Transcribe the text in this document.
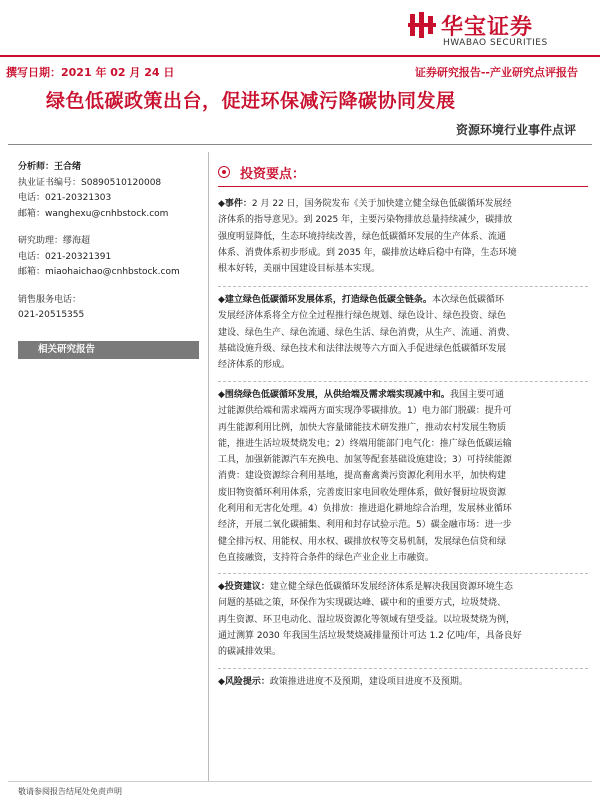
华宝证券
HWABAO SECURITIES
撰写日期：2021 年 02 月 24 日	证券研究报告--产业研究点评报告
绿色低碳政策出台，促进环保减污降碳协同发展
资源环境行业事件点评
分析师：王合绪
执业证书编号：S0890510120008
电话：021-20321303
邮箱：wanghexu@cnhbstock.com
研究助理：缪海超
电话：021-20321391
邮箱：miaohaichao@cnhbstock.com
销售服务电话：
021-20515355
相关研究报告
投资要点：
◆事件：2 月 22 日，国务院发布《关于加快建立健全绿色低碳循环发展经
济体系的指导意见》。到 2025 年，主要污染物排放总量持续减少，碳排放
强度明显降低，生态环境持续改善，绿色低碳循环发展的生产体系、流通
体系、消费体系初步形成。到 2035 年，碳排放达峰后稳中有降，生态环境
根本好转，美丽中国建设目标基本实现。
◆建立绿色低碳循环发展体系，打造绿色低碳全链条。本次绿色低碳循环
发展经济体系将全方位全过程推行绿色规划、绿色设计、绿色投资、绿色
建设、绿色生产、绿色流通、绿色生活、绿色消费，从生产、流通、消费、
基础设施升级、绿色技术和法律法规等六方面入手促进绿色低碳循环发展
经济体系的形成。
◆围绕绿色低碳循环发展，从供给端及需求端实现减中和。我国主要可通
过能源供给端和需求端两方面实现净零碳排放。1）电力部门脱碳：提升可
再生能源利用比例，加快大容量储能技术研发推广，推动农村发展生物质
能，推进生活垃圾焚烧发电；2）终端用能部门电气化：推广绿色低碳运输
工具，加强新能源汽车充换电、加氢等配套基础设施建设；3）可持续能源
消费：建设资源综合利用基地，提高畜禽粪污资源化利用水平，加快构建
废旧物资循环利用体系，完善废旧家电回收处理体系，做好餐厨垃圾资源
化利用和无害化处理。4）负排放：推进退化耕地综合治理，发展林业循环
经济，开展二氧化碳捕集、利用和封存试验示范。5）碳金融市场：进一步
健全排污权、用能权、用水权、碳排放权等交易机制，发展绿色信贷和绿
色直接融资，支持符合条件的绿色产业企业上市融资。
◆投资建议：建立健全绿色低碳循环发展经济体系是解决我国资源环境生态
问题的基础之策，环保作为实现碳达峰、碳中和的重要方式，垃圾焚烧、
再生资源、环卫电动化、湿垃圾资源化等领域有望受益。以垃圾焚烧为例，
通过测算 2030 年我国生活垃圾焚烧减排量预计可达 1.2 亿吨/年，具备良好
的碳减排效果。
◆风险提示：政策推进进度不及预期，建设项目进度不及预期。
敬请参阅报告结尾处免责声明
